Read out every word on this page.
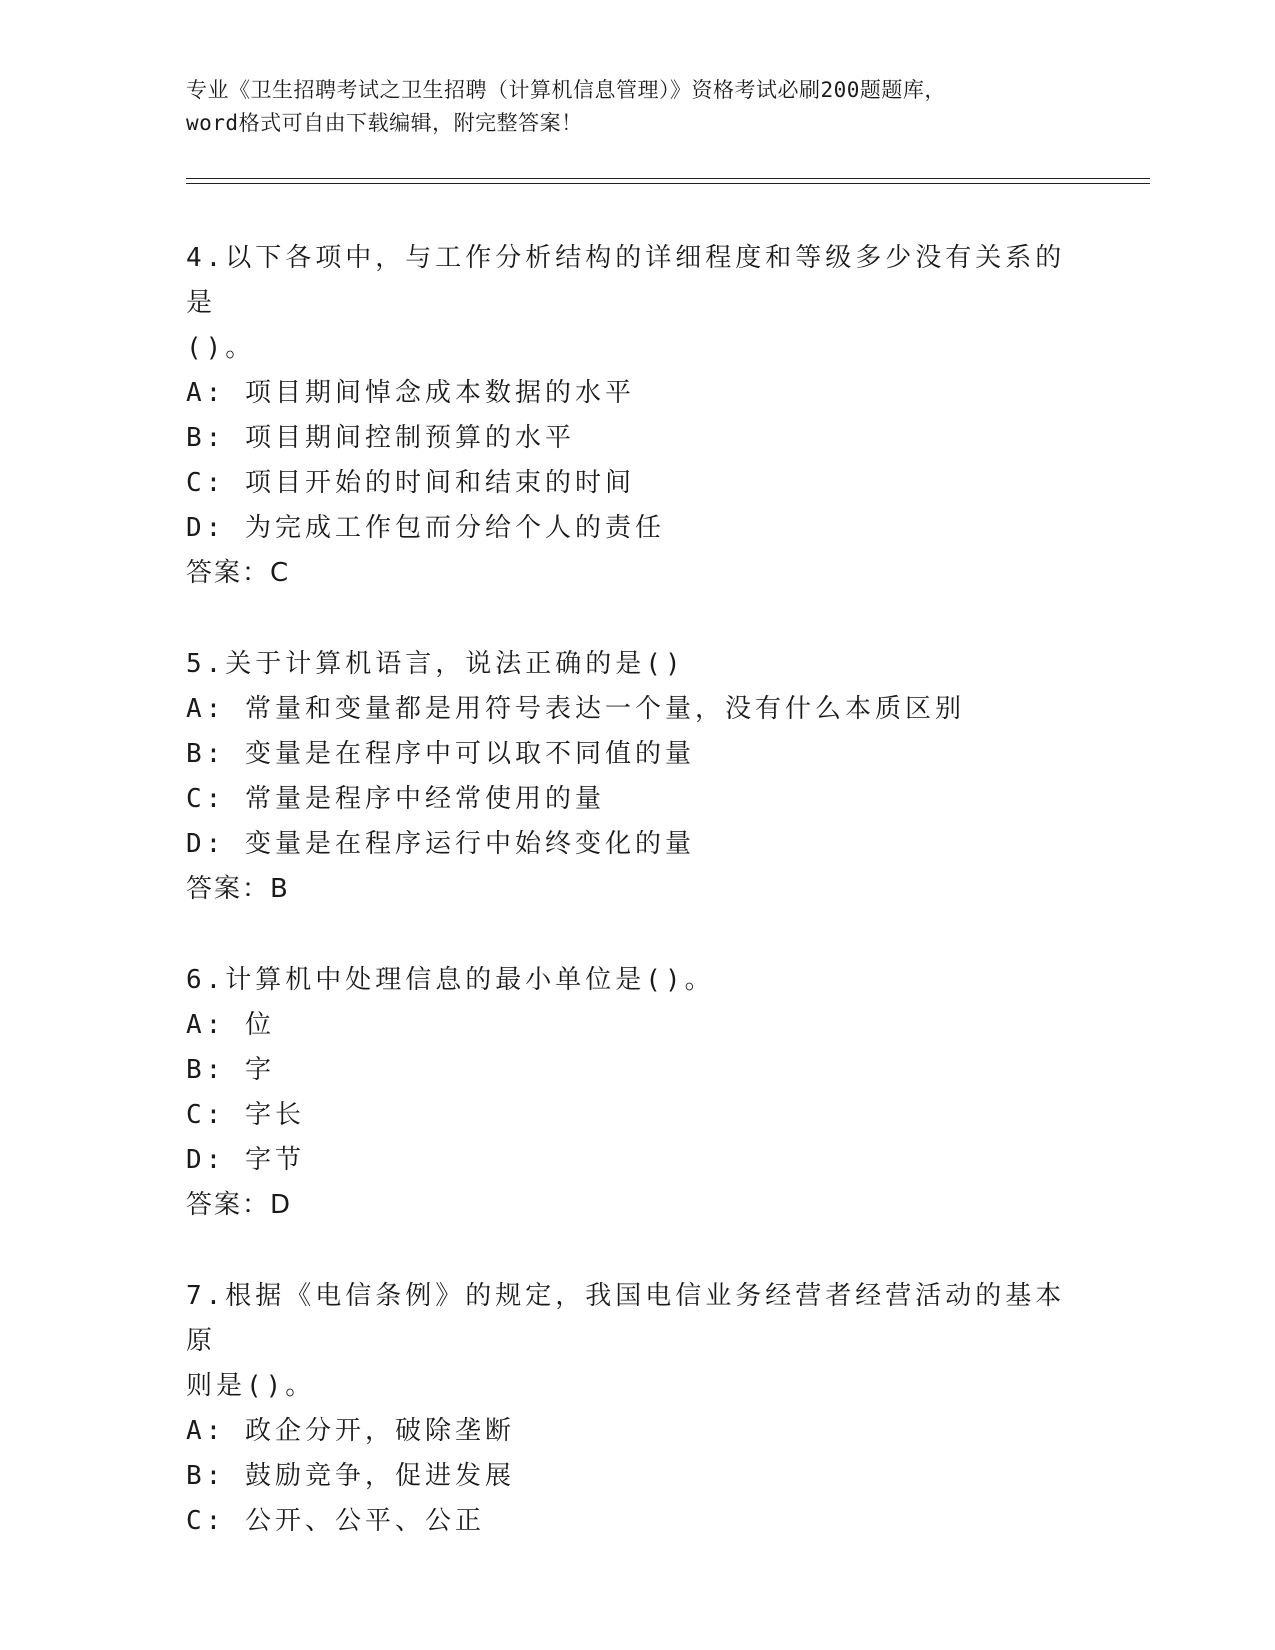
专业《卫生招聘考试之卫生招聘（计算机信息管理）》资格考试必刷200题题库，
word格式可自由下载编辑，附完整答案！

4.以下各项中，与工作分析结构的详细程度和等级多少没有关系的是

()。

A: 项目期间悼念成本数据的水平

B: 项目期间控制预算的水平

C: 项目开始的时间和结束的时间

D: 为完成工作包而分给个人的责任

答案：C

5.关于计算机语言，说法正确的是()

A: 常量和变量都是用符号表达一个量，没有什么本质区别

B: 变量是在程序中可以取不同值的量

C: 常量是程序中经常使用的量

D: 变量是在程序运行中始终变化的量

答案：B

6.计算机中处理信息的最小单位是()。

A: 位

B: 字

C: 字长

D: 字节

答案：D

7.根据《电信条例》的规定，我国电信业务经营者经营活动的基本原

则是()。

A: 政企分开，破除垄断

B: 鼓励竞争，促进发展

C: 公开、公平、公正
